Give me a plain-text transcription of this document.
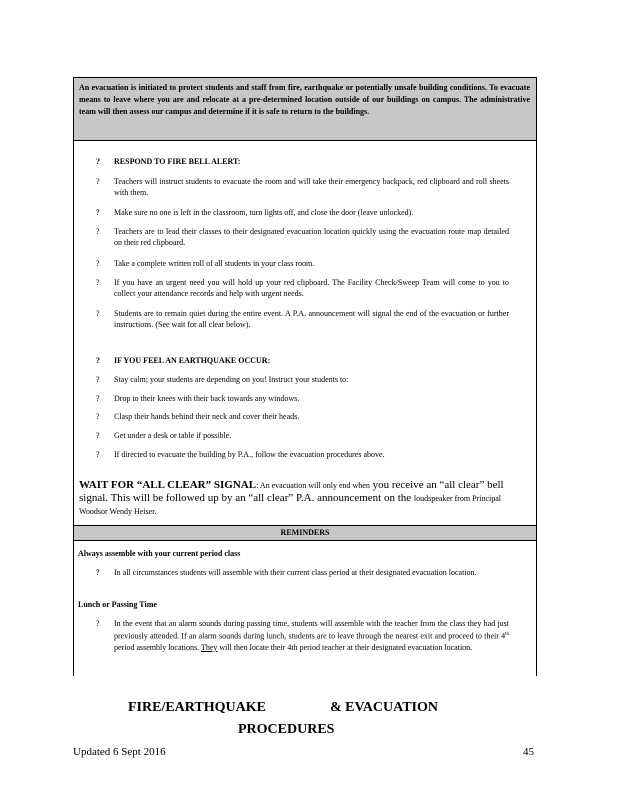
An evacuation is initiated to protect students and staff from fire, earthquake or potentially unsafe building conditions. To evacuate means to leave where you are and relocate at a pre-determined location outside of our buildings on campus. The administrative team will then assess our campus and determine if it is safe to return to the buildings.
? RESPOND TO FIRE BELL ALERT:
? Teachers will instruct students to evacuate the room and will take their emergency backpack, red clipboard and roll sheets with them.
? Make sure no one is left in the classroom, turn lights off, and close the door (leave unlocked).
? Teachers are to lead their classes to their designated evacuation location quickly using the evacuation route map detailed on their red clipboard.
? Take a complete written roll of all students in your class room.
? If you have an urgent need you will hold up your red clipboard. The Facility Check/Sweep Team will come to you to collect your attendance records and help with urgent needs.
? Students are to remain quiet during the entire event. A P.A. announcement will signal the end of the evacuation or further instructions. (See wait for all clear below).
? IF YOU FEEL AN EARTHQUAKE OCCUR:
? Stay calm; your students are depending on you! Instruct your students to:
? Drop to their knees with their back towards any windows.
? Clasp their hands behind their neck and cover their heads.
? Get under a desk or table if possible.
? If directed to evacuate the building by P.A., follow the evacuation procedures above.
WAIT FOR “ALL CLEAR” SIGNAL: An evacuation will only end when you receive an “all clear” bell signal. This will be followed up by an “all clear” P.A. announcement on the loudspeaker from Principal Woodsor Wendy Heiser.
REMINDERS
Always assemble with your current period class
? In all circumstances students will assemble with their current class period at their designated evacuation location.
Lunch or Passing Time
? In the event that an alarm sounds during passing time, students will assemble with the teacher from the class they had just previously attended. If an alarm sounds during lunch, students are to leave through the nearest exit and proceed to their 4th period assembly locations. They will then locate their 4th period teacher at their designated evacuation location.
FIRE/EARTHQUAKE	& EVACUATION
PROCEDURES
Updated 6 Sept 2016	45
